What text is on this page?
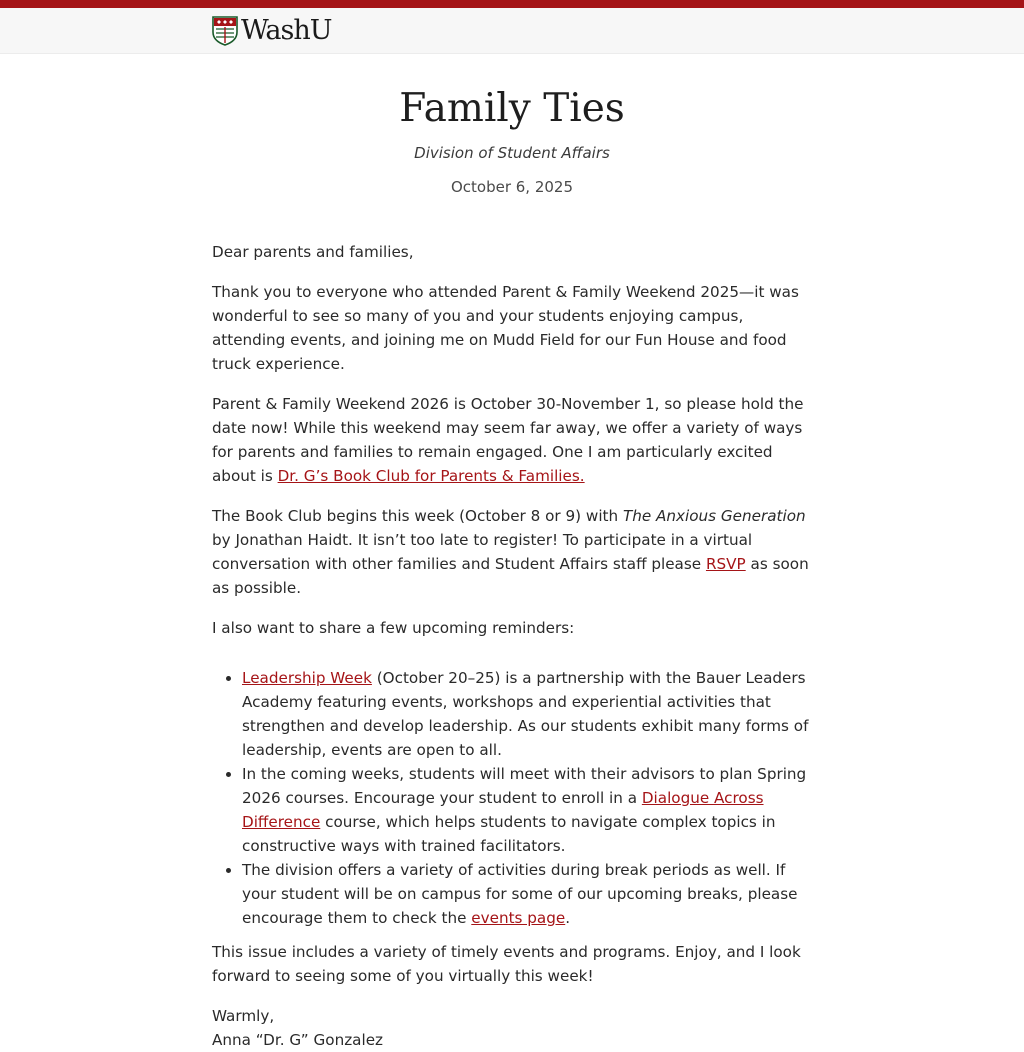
WashU
Family Ties
Division of Student Affairs
October 6, 2025

Dear parents and families,

Thank you to everyone who attended Parent & Family Weekend 2025—it was wonderful to see so many of you and your students enjoying campus, attending events, and joining me on Mudd Field for our Fun House and food truck experience.

Parent & Family Weekend 2026 is October 30-November 1, so please hold the date now! While this weekend may seem far away, we offer a variety of ways for parents and families to remain engaged. One I am particularly excited about is Dr. G’s Book Club for Parents & Families.

The Book Club begins this week (October 8 or 9) with The Anxious Generation by Jonathan Haidt. It isn’t too late to register! To participate in a virtual conversation with other families and Student Affairs staff please RSVP as soon as possible.

I also want to share a few upcoming reminders:

• Leadership Week (October 20–25) is a partnership with the Bauer Leaders Academy featuring events, workshops and experiential activities that strengthen and develop leadership. As our students exhibit many forms of leadership, events are open to all.
• In the coming weeks, students will meet with their advisors to plan Spring 2026 courses. Encourage your student to enroll in a Dialogue Across Difference course, which helps students to navigate complex topics in constructive ways with trained facilitators.
• The division offers a variety of activities during break periods as well. If your student will be on campus for some of our upcoming breaks, please encourage them to check the events page.

This issue includes a variety of timely events and programs. Enjoy, and I look forward to seeing some of you virtually this week!

Warmly,

Anna “Dr. G” Gonzalez
